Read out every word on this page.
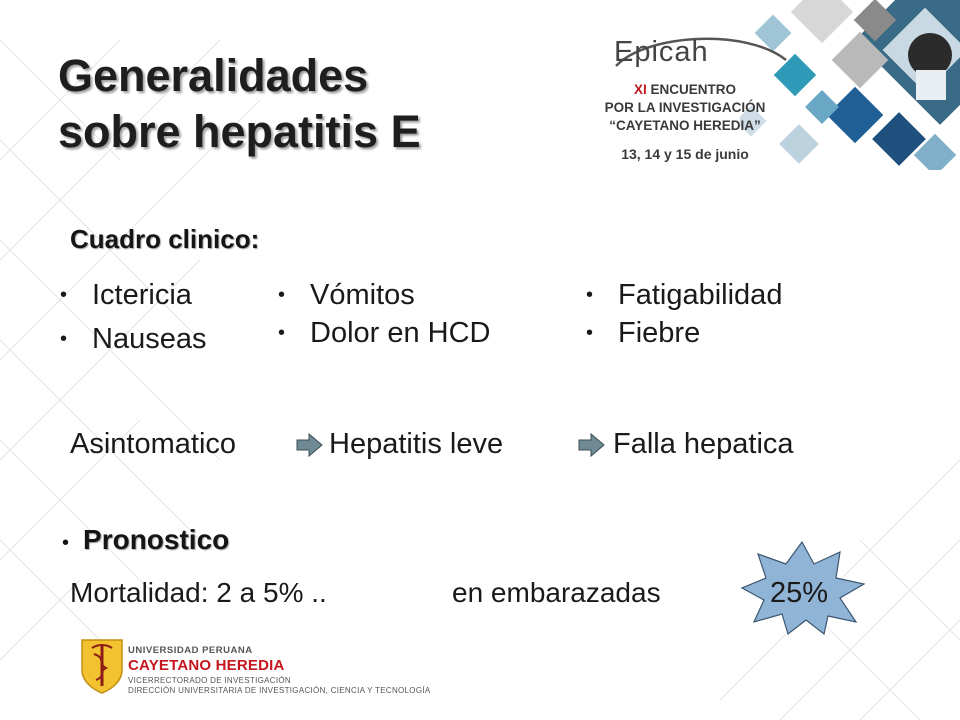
Epicah
XI ENCUENTRO
POR LA INVESTIGACIÓN
“CAYETANO HEREDIA”
13, 14 y 15 de junio
Generalidades
sobre hepatitis E
Cuadro clinico:
• Ictericia
• Nauseas
• Vómitos
• Dolor en HCD
• Fatigabilidad
• Fiebre
Asintomatico	Hepatitis leve	Falla hepatica
• Pronostico
Mortalidad: 2 a 5% ..	en embarazadas	25%
UNIVERSIDAD PERUANA
CAYETANO HEREDIA
VICERRECTORADO DE INVESTIGACIÓN
DIRECCIÓN UNIVERSITARIA DE INVESTIGACIÓN, CIENCIA Y TECNOLOGÍA
